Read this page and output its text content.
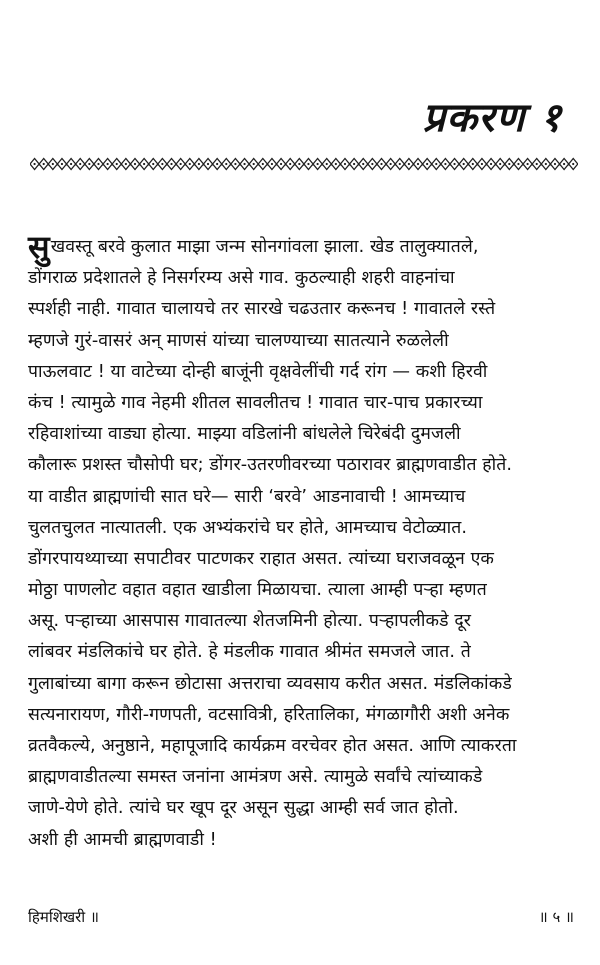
प्रकरण १
सुखवस्तू बरवे कुलात माझा जन्म सोनगांवला झाला. खेड तालुक्यातले,
डोंगराळ प्रदेशातले हे निसर्गरम्य असे गाव. कुठल्याही शहरी वाहनांचा
स्पर्शही नाही. गावात चालायचे तर सारखे चढउतार करूनच ! गावातले रस्ते
म्हणजे गुरं-वासरं अन् माणसं यांच्या चालण्याच्या सातत्याने रुळलेली
पाऊलवाट ! या वाटेच्या दोन्ही बाजूंनी वृक्षवेलींची गर्द रांग — कशी हिरवी
कंच ! त्यामुळे गाव नेहमी शीतल सावलीतच ! गावात चार-पाच प्रकारच्या
रहिवाशांच्या वाड्या होत्या. माझ्या वडिलांनी बांधलेले चिरेबंदी दुमजली
कौलारू प्रशस्त चौसोपी घर; डोंगर-उतरणीवरच्या पठारावर ब्राह्मणवाडीत होते.
या वाडीत ब्राह्मणांची सात घरे— सारी ‘बरवे’ आडनावाची ! आमच्याच
चुलतचुलत नात्यातली. एक अभ्यंकरांचे घर होते, आमच्याच वेटोळ्यात.
डोंगरपायथ्याच्या सपाटीवर पाटणकर राहात असत. त्यांच्या घराजवळून एक
मोठ्ठा पाणलोट वहात वहात खाडीला मिळायचा. त्याला आम्ही पऱ्हा म्हणत
असू. पऱ्हाच्या आसपास गावातल्या शेतजमिनी होत्या. पऱ्हापलीकडे दूर
लांबवर मंडलिकांचे घर होते. हे मंडलीक गावात श्रीमंत समजले जात. ते
गुलाबांच्या बागा करून छोटासा अत्तराचा व्यवसाय करीत असत. मंडलिकांकडे
सत्यनारायण, गौरी-गणपती, वटसावित्री, हरितालिका, मंगळागौरी अशी अनेक
व्रतवैकल्ये, अनुष्ठाने, महापूजादि कार्यक्रम वरचेवर होत असत. आणि त्याकरता
ब्राह्मणवाडीतल्या समस्त जनांना आमंत्रण असे. त्यामुळे सर्वांचे त्यांच्याकडे
जाणे-येणे होते. त्यांचे घर खूप दूर असून सुद्धा आम्ही सर्व जात होतो.
अशी ही आमची ब्राह्मणवाडी !
हिमशिखरी ॥	॥ ५ ॥
